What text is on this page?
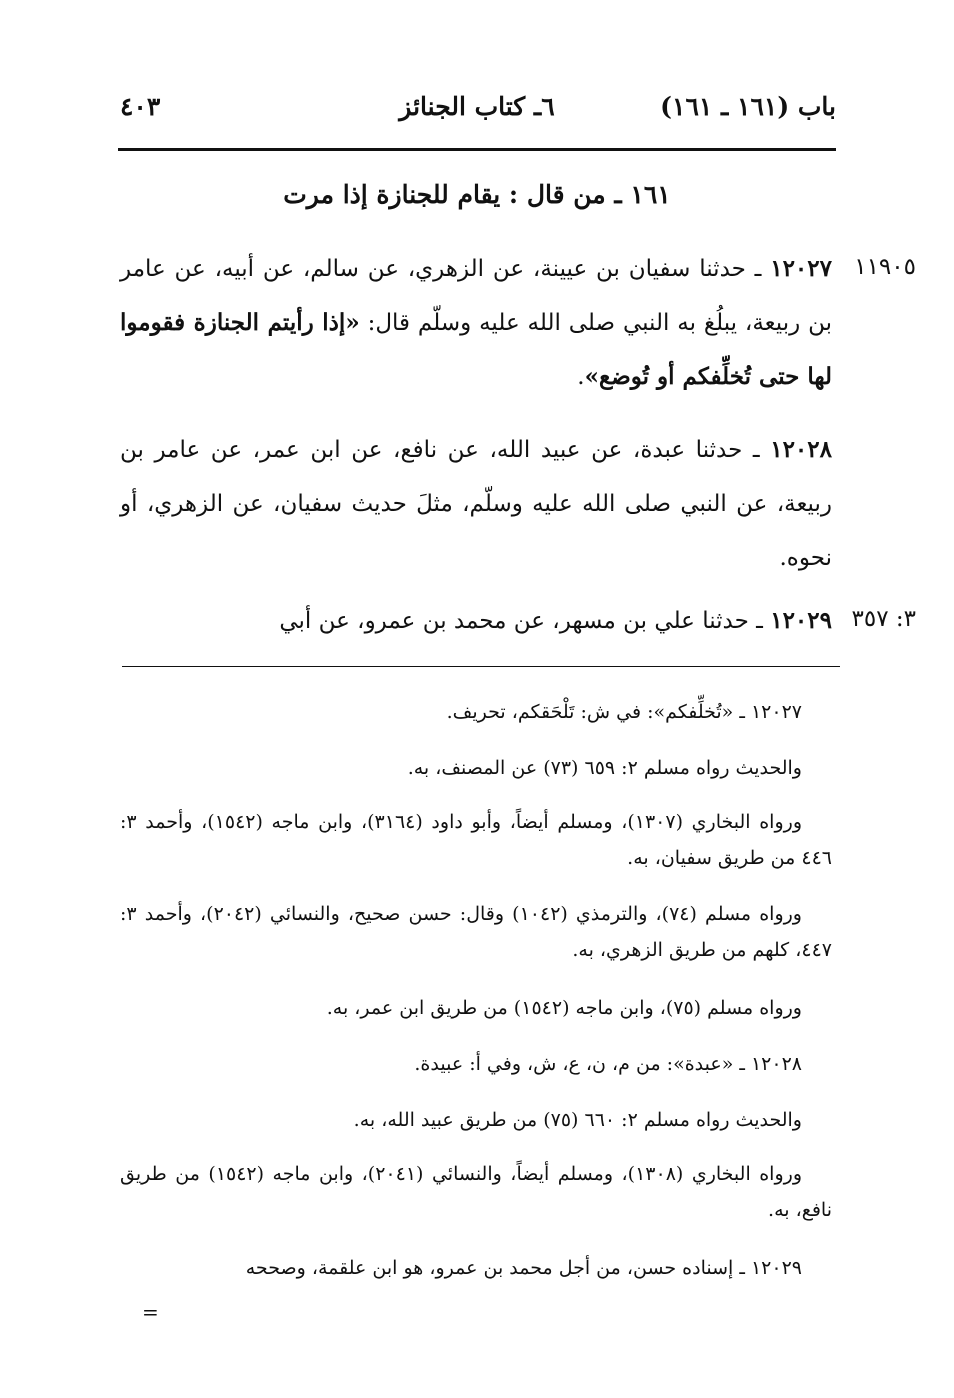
باب (١٦١ ـ ١٦١)
٦ـ كتاب الجنائز
٤٠٣
١٦١ ـ من قال : يقام للجنازة إذا مرت
١١٩٠٥
١٢٠٢٧ ـ حدثنا سفيان بن عيينة، عن الزهري، عن سالم، عن أبيه، عن عامر بن ربيعة، يبلُغ به النبي صلى الله عليه وسلّم قال: «إذا رأيتم الجنازة فقوموا لها حتى تُخلِّفكم أو تُوضع».
١٢٠٢٨ ـ حدثنا عبدة، عن عبيد الله، عن نافع، عن ابن عمر، عن عامر بن ربيعة، عن النبي صلى الله عليه وسلّم، مثلَ حديث سفيان، عن الزهري، أو نحوه.
٣: ٣٥٧
١٢٠٢٩ ـ حدثنا علي بن مسهر، عن محمد بن عمرو، عن أبي
١٢٠٢٧ ـ «تُخلِّفكم»: في ش: تَلْحَقكم، تحريف.
والحديث رواه مسلم ٢: ٦٥٩ (٧٣) عن المصنف، به.
ورواه البخاري (١٣٠٧)، ومسلم أيضاً، وأبو داود (٣١٦٤)، وابن ماجه (١٥٤٢)، وأحمد ٣: ٤٤٦ من طريق سفيان، به.
ورواه مسلم (٧٤)، والترمذي (١٠٤٢) وقال: حسن صحيح، والنسائي (٢٠٤٢)، وأحمد ٣: ٤٤٧، كلهم من طريق الزهري، به.
ورواه مسلم (٧٥)، وابن ماجه (١٥٤٢) من طريق ابن عمر، به.
١٢٠٢٨ ـ «عبدة»: من م، ن، ع، ش، وفي أ: عبيدة.
والحديث رواه مسلم ٢: ٦٦٠ (٧٥) من طريق عبيد الله، به.
ورواه البخاري (١٣٠٨)، ومسلم أيضاً، والنسائي (٢٠٤١)، وابن ماجه (١٥٤٢) من طريق نافع، به.
١٢٠٢٩ ـ إسناده حسن، من أجل محمد بن عمرو، هو ابن علقمة، وصححه
=
